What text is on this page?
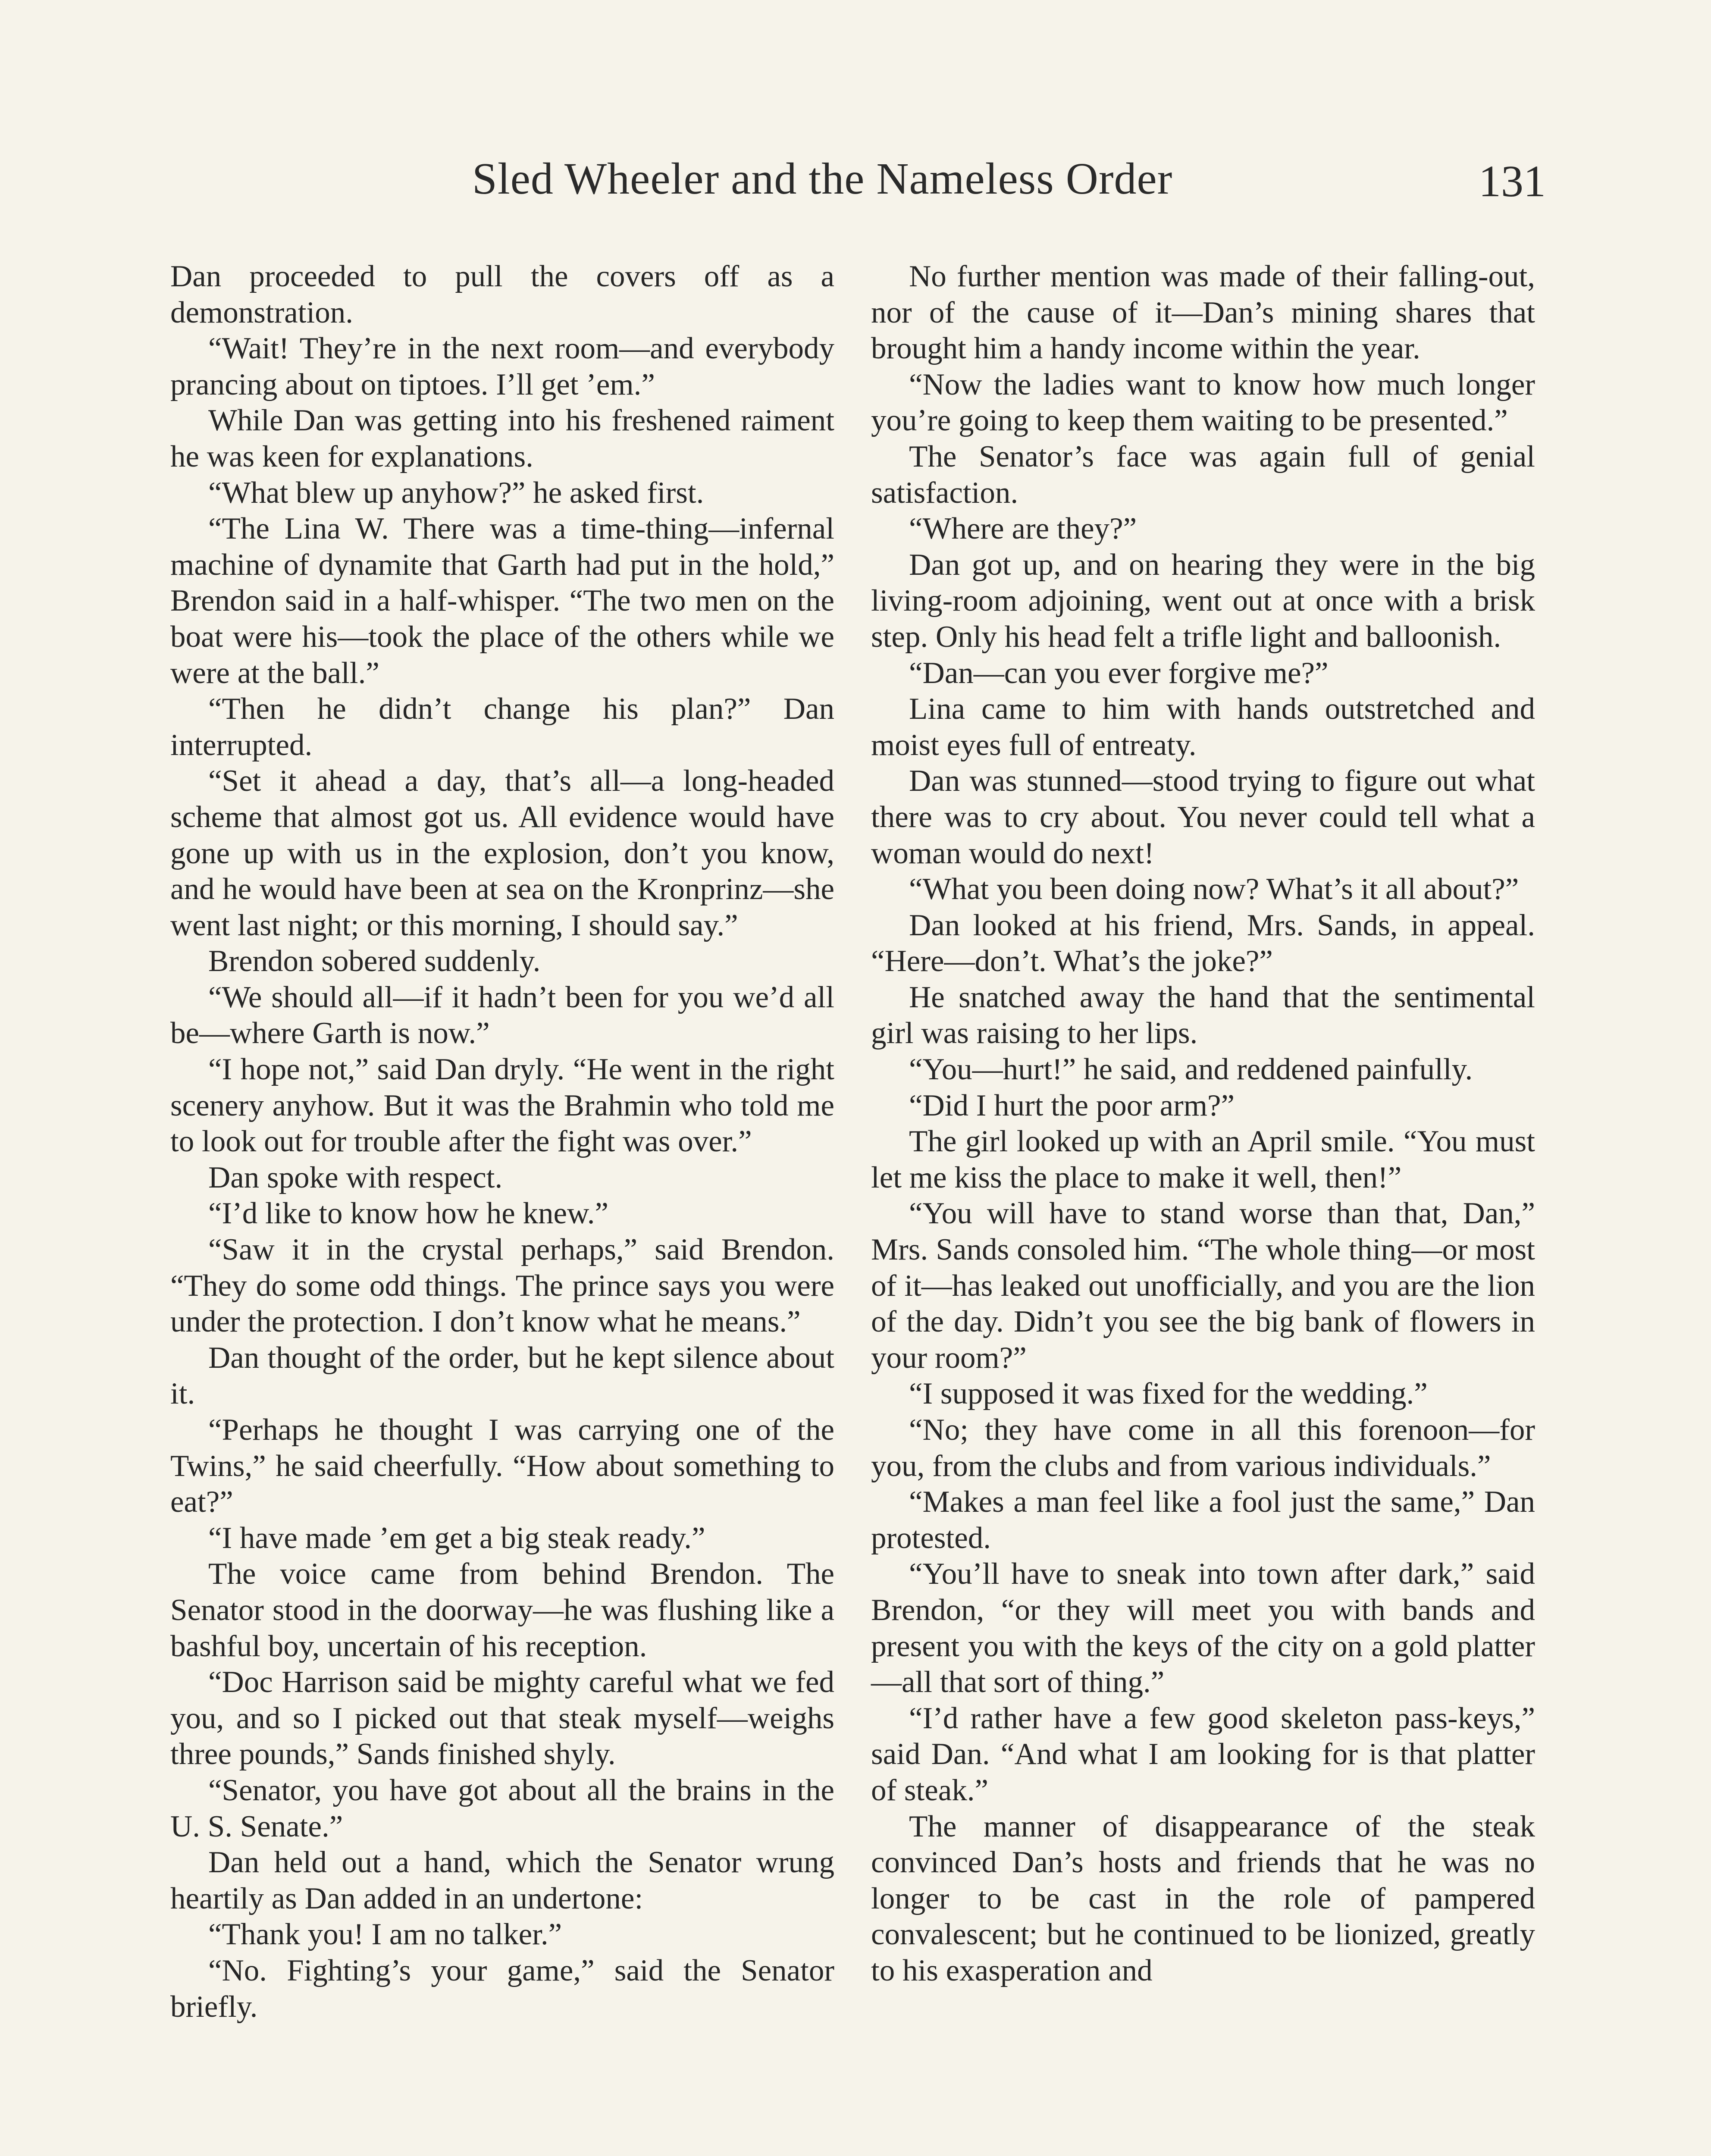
Sled Wheeler and the Nameless Order	131

Dan proceeded to pull the covers off as a demonstration.

“Wait! They’re in the next room—and everybody prancing about on tiptoes. I’ll get ’em.”

While Dan was getting into his freshened raiment he was keen for explanations.

“What blew up anyhow?” he asked first.

“The Lina W. There was a time-thing—infernal machine of dynamite that Garth had put in the hold,” Brendon said in a half-whisper. “The two men on the boat were his—took the place of the others while we were at the ball.”

“Then he didn’t change his plan?” Dan interrupted.

“Set it ahead a day, that’s all—a long-headed scheme that almost got us. All evidence would have gone up with us in the explosion, don’t you know, and he would have been at sea on the Kronprinz—she went last night; or this morning, I should say.”

Brendon sobered suddenly.

“We should all—if it hadn’t been for you we’d all be—where Garth is now.”

“I hope not,” said Dan dryly. “He went in the right scenery anyhow. But it was the Brahmin who told me to look out for trouble after the fight was over.”

Dan spoke with respect.

“I’d like to know how he knew.”

“Saw it in the crystal perhaps,” said Brendon. “They do some odd things. The prince says you were under the protection. I don’t know what he means.”

Dan thought of the order, but he kept silence about it.

“Perhaps he thought I was carrying one of the Twins,” he said cheerfully. “How about something to eat?”

“I have made ’em get a big steak ready.”

The voice came from behind Brendon. The Senator stood in the doorway—he was flushing like a bashful boy, uncertain of his reception.

“Doc Harrison said be mighty careful what we fed you, and so I picked out that steak myself—weighs three pounds,” Sands finished shyly.

“Senator, you have got about all the brains in the U. S. Senate.”

Dan held out a hand, which the Senator wrung heartily as Dan added in an undertone:

“Thank you! I am no talker.”

“No. Fighting’s your game,” said the Senator briefly.

No further mention was made of their falling-out, nor of the cause of it—Dan’s mining shares that brought him a handy income within the year.

“Now the ladies want to know how much longer you’re going to keep them waiting to be presented.”

The Senator’s face was again full of genial satisfaction.

“Where are they?”

Dan got up, and on hearing they were in the big living-room adjoining, went out at once with a brisk step. Only his head felt a trifle light and balloonish.

“Dan—can you ever forgive me?”

Lina came to him with hands outstretched and moist eyes full of entreaty.

Dan was stunned—stood trying to figure out what there was to cry about. You never could tell what a woman would do next!

“What you been doing now? What’s it all about?”

Dan looked at his friend, Mrs. Sands, in appeal. “Here—don’t. What’s the joke?”

He snatched away the hand that the sentimental girl was raising to her lips.

“You—hurt!” he said, and reddened painfully.

“Did I hurt the poor arm?”

The girl looked up with an April smile. “You must let me kiss the place to make it well, then!”

“You will have to stand worse than that, Dan,” Mrs. Sands consoled him. “The whole thing—or most of it—has leaked out unofficially, and you are the lion of the day. Didn’t you see the big bank of flowers in your room?”

“I supposed it was fixed for the wedding.”

“No; they have come in all this forenoon—for you, from the clubs and from various individuals.”

“Makes a man feel like a fool just the same,” Dan protested.

“You’ll have to sneak into town after dark,” said Brendon, “or they will meet you with bands and present you with the keys of the city on a gold platter—all that sort of thing.”

“I’d rather have a few good skeleton pass-keys,” said Dan. “And what I am looking for is that platter of steak.”

The manner of disappearance of the steak convinced Dan’s hosts and friends that he was no longer to be cast in the role of pampered convalescent; but he continued to be lionized, greatly to his exasperation and
